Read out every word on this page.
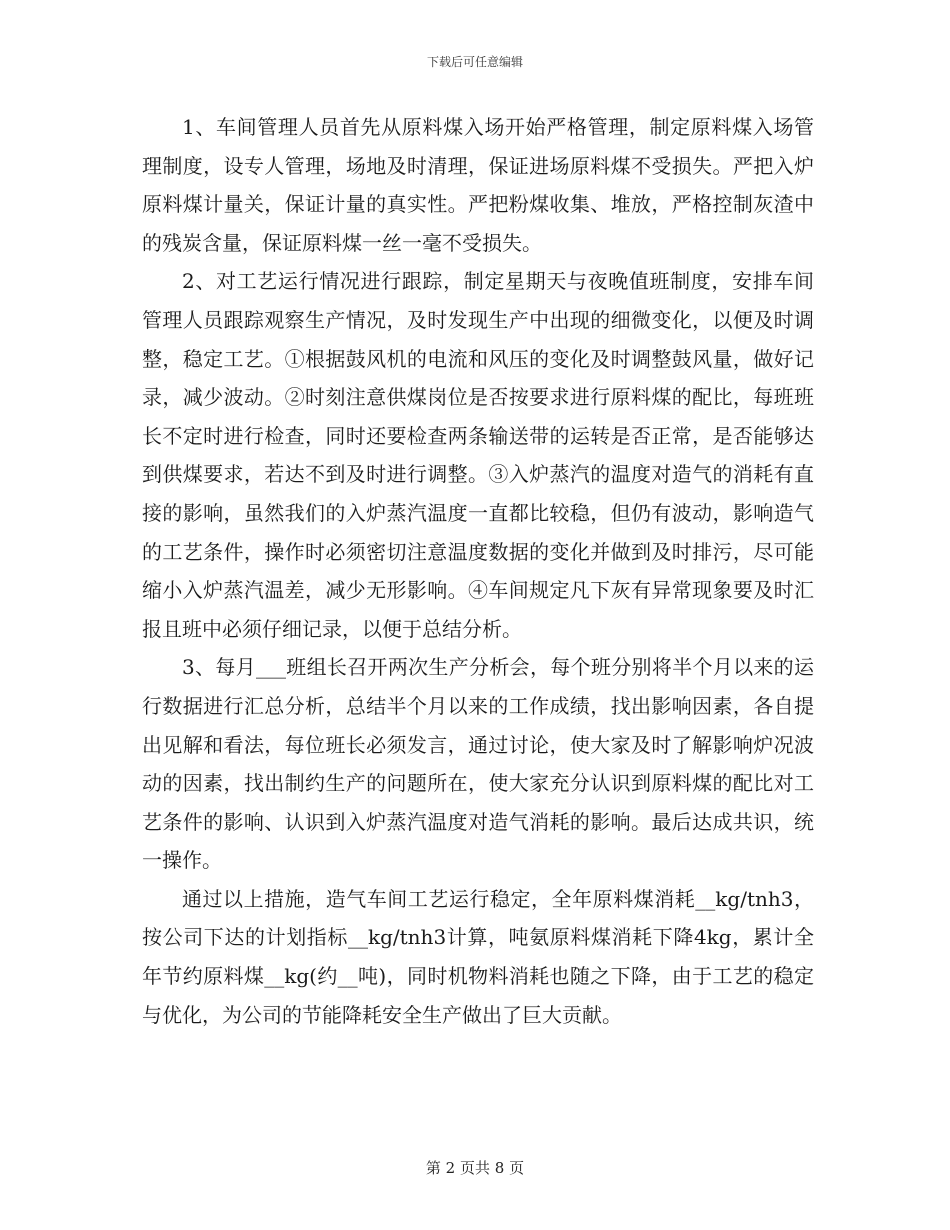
下载后可任意编辑

1、车间管理人员首先从原料煤入场开始严格管理，制定原料煤入场管理制度，设专人管理，场地及时清理，保证进场原料煤不受损失。严把入炉原料煤计量关，保证计量的真实性。严把粉煤收集、堆放，严格控制灰渣中的残炭含量，保证原料煤一丝一毫不受损失。

2、对工艺运行情况进行跟踪，制定星期天与夜晚值班制度，安排车间管理人员跟踪观察生产情况，及时发现生产中出现的细微变化，以便及时调整，稳定工艺。①根据鼓风机的电流和风压的变化及时调整鼓风量，做好记录，减少波动。②时刻注意供煤岗位是否按要求进行原料煤的配比，每班班长不定时进行检查，同时还要检查两条输送带的运转是否正常，是否能够达到供煤要求，若达不到及时进行调整。③入炉蒸汽的温度对造气的消耗有直接的影响，虽然我们的入炉蒸汽温度一直都比较稳，但仍有波动，影响造气的工艺条件，操作时必须密切注意温度数据的变化并做到及时排污，尽可能缩小入炉蒸汽温差，减少无形影响。④车间规定凡下灰有异常现象要及时汇报且班中必须仔细记录，以便于总结分析。

3、每月___班组长召开两次生产分析会，每个班分别将半个月以来的运行数据进行汇总分析，总结半个月以来的工作成绩，找出影响因素，各自提出见解和看法，每位班长必须发言，通过讨论，使大家及时了解影响炉况波动的因素，找出制约生产的问题所在，使大家充分认识到原料煤的配比对工艺条件的影响、认识到入炉蒸汽温度对造气消耗的影响。最后达成共识，统一操作。

通过以上措施，造气车间工艺运行稳定，全年原料煤消耗__kg/tnh3，按公司下达的计划指标__kg/tnh3计算，吨氨原料煤消耗下降4kg，累计全年节约原料煤__kg(约__吨)，同时机物料消耗也随之下降，由于工艺的稳定与优化，为公司的节能降耗安全生产做出了巨大贡献。

第 2 页共 8 页
